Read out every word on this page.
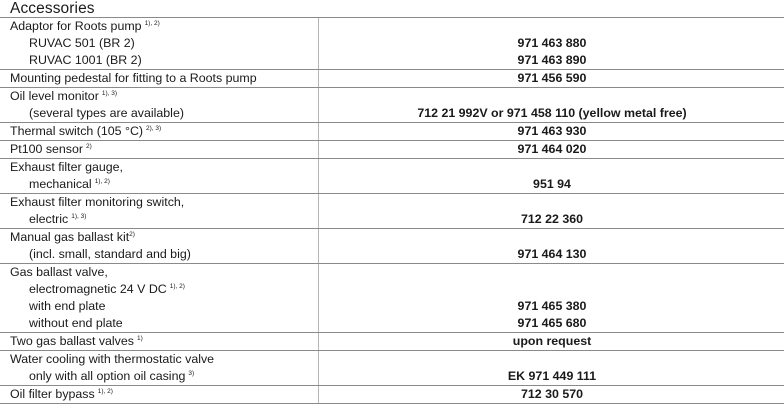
Accessories
Adaptor for Roots pump $^{1), 2)}$
RUVAC 501 (BR 2)	971 463 880
RUVAC 1001 (BR 2)	971 463 890
Mounting pedestal for fitting to a Roots pump	971 456 590
Oil level monitor $^{1), 3)}$
(several types are available)	712 21 992V or 971 458 110 (yellow metal free)
Thermal switch (105 °C) $^{2), 3)}$	971 463 930
Pt100 sensor $^{2)}$	971 464 020
Exhaust filter gauge,
mechanical $^{1), 2)}$	951 94
Exhaust filter monitoring switch,
electric $^{1), 3)}$	712 22 360
Manual gas ballast kit$^{2)}$
(incl. small, standard and big)	971 464 130
Gas ballast valve,
electromagnetic 24 V DC $^{1), 2)}$
with end plate	971 465 380
without end plate	971 465 680
Two gas ballast valves $^{1)}$	upon request
Water cooling with thermostatic valve
only with all option oil casing $^{3)}$	EK 971 449 111
Oil filter bypass $^{1), 2)}$	712 30 570
